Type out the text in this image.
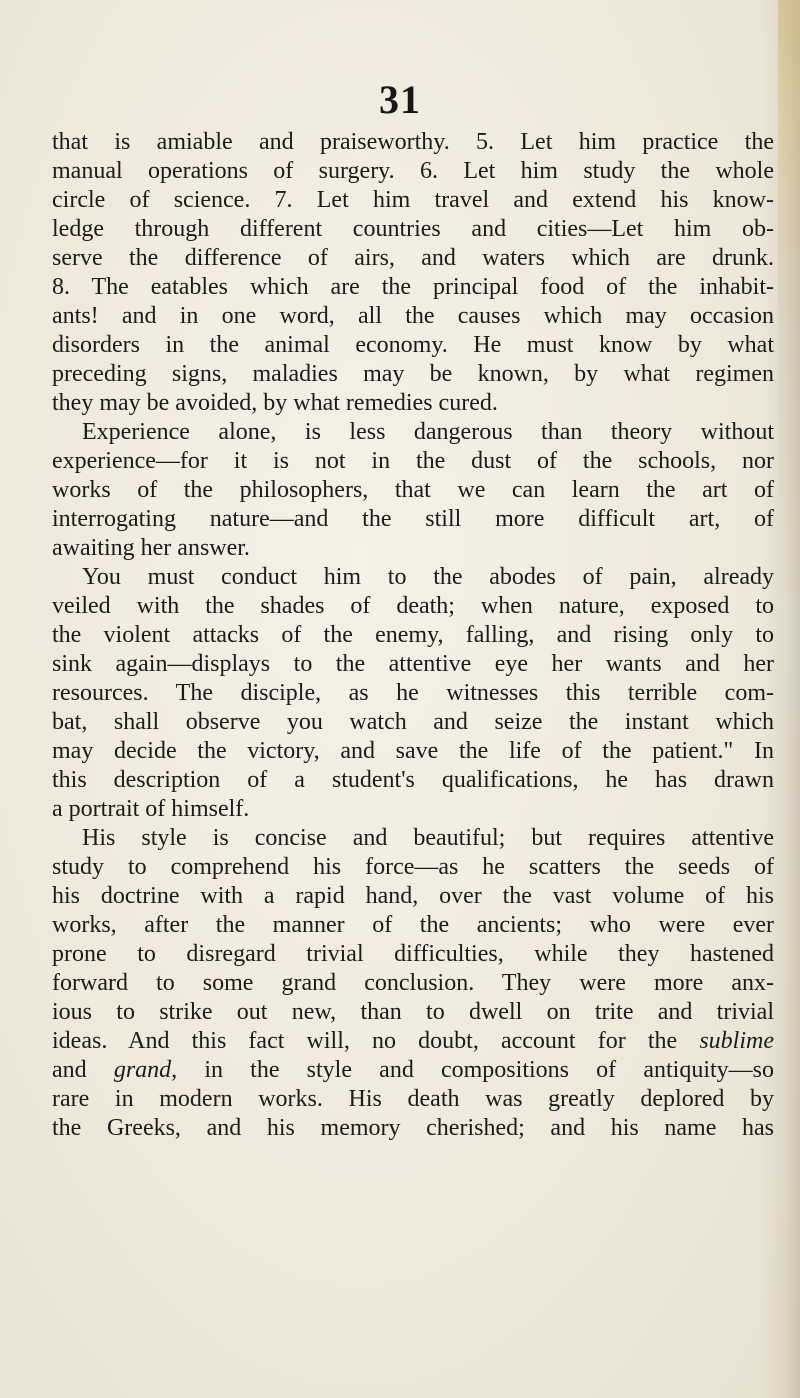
31
that is amiable and praiseworthy. 5. Let him practice the
manual operations of surgery. 6. Let him study the whole
circle of science. 7. Let him travel and extend his know-
ledge through different countries and cities—Let him ob-
serve the difference of airs, and waters which are drunk.
8. The eatables which are the principal food of the inhabit-
ants! and in one word, all the causes which may occasion
disorders in the animal economy. He must know by what
preceding signs, maladies may be known, by what regimen
they may be avoided, by what remedies cured.
Experience alone, is less dangerous than theory without
experience—for it is not in the dust of the schools, nor
works of the philosophers, that we can learn the art of
interrogating nature—and the still more difficult art, of
awaiting her answer.
You must conduct him to the abodes of pain, already
veiled with the shades of death; when nature, exposed to
the violent attacks of the enemy, falling, and rising only to
sink again—displays to the attentive eye her wants and her
resources. The disciple, as he witnesses this terrible com-
bat, shall observe you watch and seize the instant which
may decide the victory, and save the life of the patient." In
this description of a student's qualifications, he has drawn
a portrait of himself.
His style is concise and beautiful; but requires attentive
study to comprehend his force—as he scatters the seeds of
his doctrine with a rapid hand, over the vast volume of his
works, after the manner of the ancients; who were ever
prone to disregard trivial difficulties, while they hastened
forward to some grand conclusion. They were more anx-
ious to strike out new, than to dwell on trite and trivial
ideas. And this fact will, no doubt, account for the sublime
and grand, in the style and compositions of antiquity—so
rare in modern works. His death was greatly deplored by
the Greeks, and his memory cherished; and his name has
